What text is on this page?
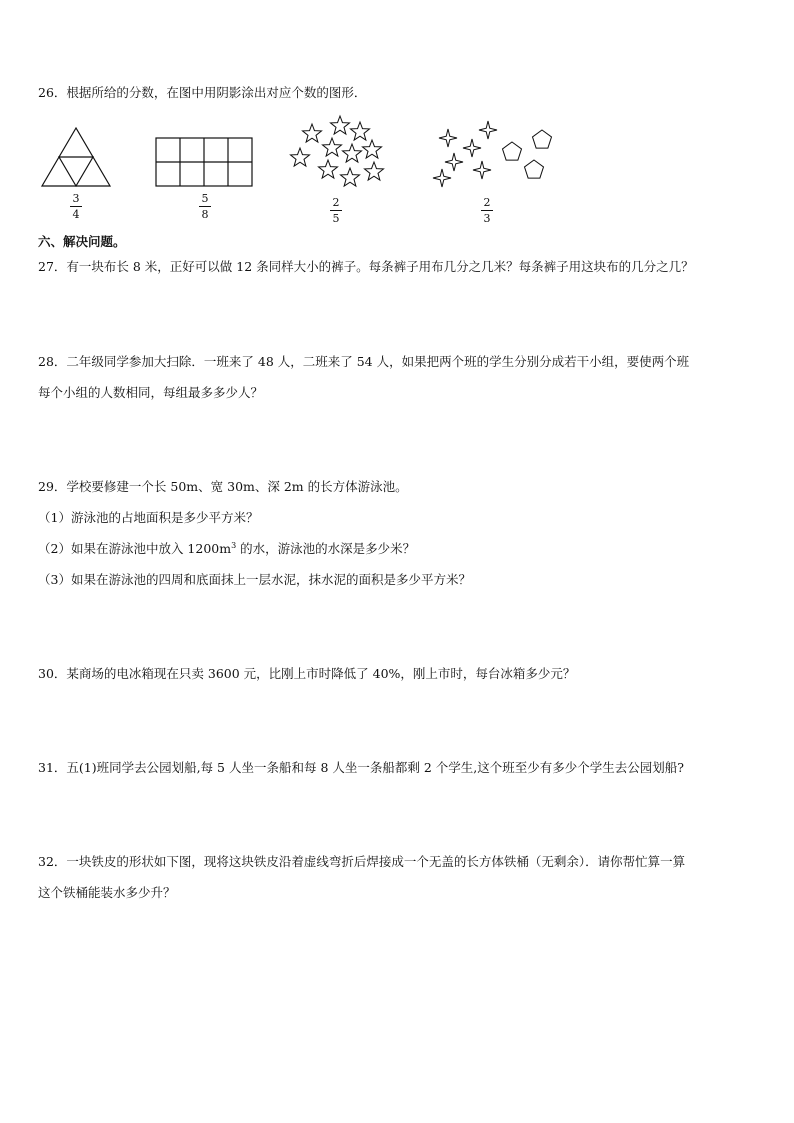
26．根据所给的分数，在图中用阴影涂出对应个数的图形．
3
4
5
8
2
5
2
3
六、解决问题。
27．有一块布长 8 米，正好可以做 12 条同样大小的裤子。每条裤子用布几分之几米？每条裤子用这块布的几分之几？
28．二年级同学参加大扫除．一班来了 48 人，二班来了 54 人，如果把两个班的学生分别分成若干小组，要使两个班
每个小组的人数相同，每组最多多少人？
29．学校要修建一个长 50m、宽 30m、深 2m 的长方体游泳池。
（1）游泳池的占地面积是多少平方米？
（2）如果在游泳池中放入 $1200m^3$ 的水，游泳池的水深是多少米？
（3）如果在游泳池的四周和底面抹上一层水泥，抹水泥的面积是多少平方米？
30．某商场的电冰箱现在只卖 3600 元，比刚上市时降低了 40%，刚上市时，每台冰箱多少元？
31．五(1)班同学去公园划船,每 5 人坐一条船和每 8 人坐一条船都剩 2 个学生,这个班至少有多少个学生去公园划船?
32．一块铁皮的形状如下图，现将这块铁皮沿着虚线弯折后焊接成一个无盖的长方体铁桶（无剩余）．请你帮忙算一算
这个铁桶能装水多少升？
